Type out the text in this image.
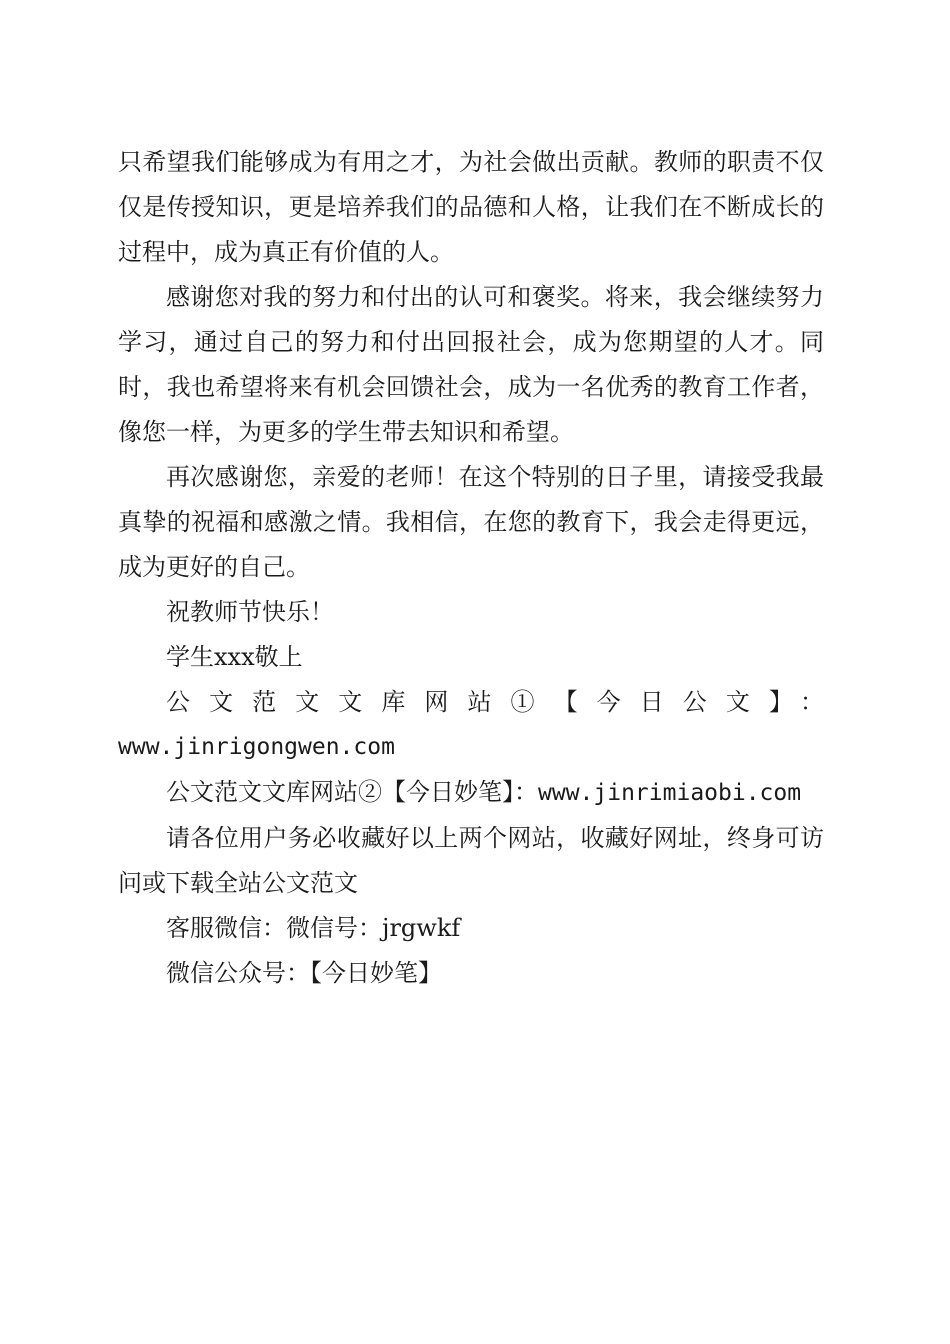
只希望我们能够成为有用之才，为社会做出贡献。教师的职责不仅仅是传授知识，更是培养我们的品德和人格，让我们在不断成长的过程中，成为真正有价值的人。

感谢您对我的努力和付出的认可和褒奖。将来，我会继续努力学习，通过自己的努力和付出回报社会，成为您期望的人才。同时，我也希望将来有机会回馈社会，成为一名优秀的教育工作者，像您一样，为更多的学生带去知识和希望。

再次感谢您，亲爱的老师！在这个特别的日子里，请接受我最真挚的祝福和感激之情。我相信，在您的教育下，我会走得更远，成为更好的自己。

祝教师节快乐！

学生xxx敬上

公文范文文库网站①【今日公文】：

www.jinrigongwen.com

公文范文文库网站②【今日妙笔】：www.jinrimiaobi.com

请各位用户务必收藏好以上两个网站，收藏好网址，终身可访问或下载全站公文范文

客服微信：微信号：jrgwkf

微信公众号：【今日妙笔】
